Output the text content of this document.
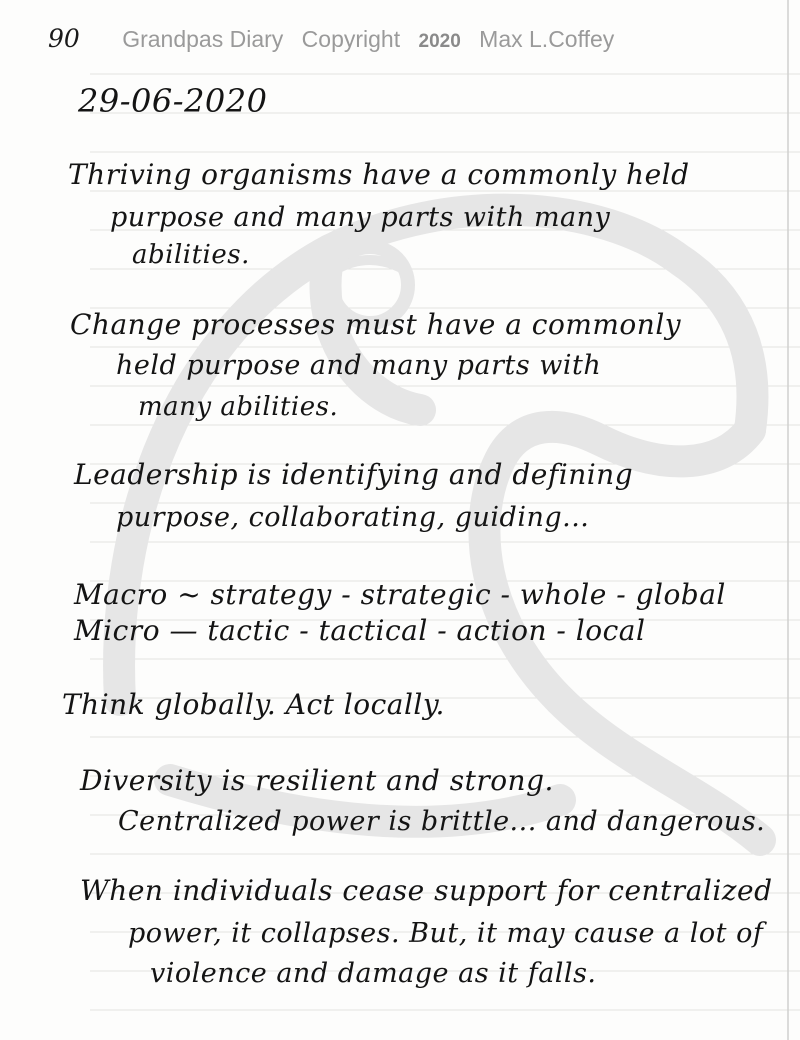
90 Grandpas Diary Copyright 2020 Max L.Coffey
29-06-2020
Thriving organisms have a commonly held
purpose and many parts with many
abilities.
Change processes must have a commonly
held purpose and many parts with
many abilities.
Leadership is identifying and defining
purpose, collaborating, guiding...
Macro ~ strategy - strategic - whole - global
Micro — tactic - tactical - action - local
Think globally. Act locally.
Diversity is resilient and strong.
Centralized power is brittle... and dangerous.
When individuals cease support for centralized
power, it collapses. But, it may cause a lot of
violence and damage as it falls.
